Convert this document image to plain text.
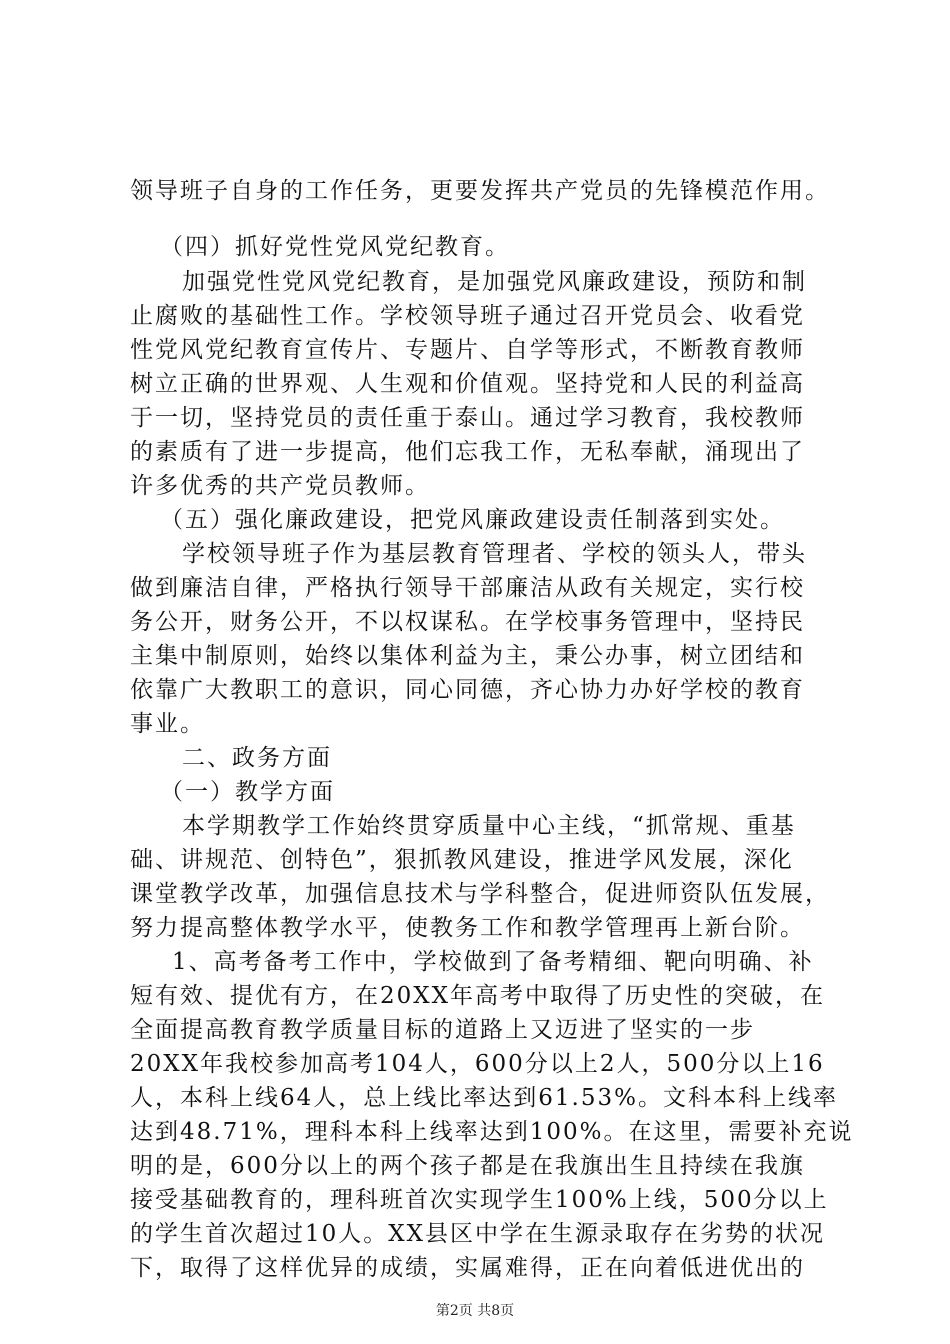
领导班子自身的工作任务，更要发挥共产党员的先锋模范作用。
（四）抓好党性党风党纪教育。
加强党性党风党纪教育，是加强党风廉政建设，预防和制
止腐败的基础性工作。学校领导班子通过召开党员会、收看党
性党风党纪教育宣传片、专题片、自学等形式，不断教育教师
树立正确的世界观、人生观和价值观。坚持党和人民的利益高
于一切，坚持党员的责任重于泰山。通过学习教育，我校教师
的素质有了进一步提高，他们忘我工作，无私奉献，涌现出了
许多优秀的共产党员教师。
（五）强化廉政建设，把党风廉政建设责任制落到实处。
学校领导班子作为基层教育管理者、学校的领头人，带头
做到廉洁自律，严格执行领导干部廉洁从政有关规定，实行校
务公开，财务公开，不以权谋私。在学校事务管理中，坚持民
主集中制原则，始终以集体利益为主，秉公办事，树立团结和
依靠广大教职工的意识，同心同德，齐心协力办好学校的教育
事业。
二、政务方面
（一）教学方面
本学期教学工作始终贯穿质量中心主线，“抓常规、重基
础、讲规范、创特色”，狠抓教风建设，推进学风发展，深化
课堂教学改革，加强信息技术与学科整合，促进师资队伍发展，
努力提高整体教学水平，使教务工作和教学管理再上新台阶。
1、高考备考工作中，学校做到了备考精细、靶向明确、补
短有效、提优有方，在20XX年高考中取得了历史性的突破，在
全面提高教育教学质量目标的道路上又迈进了坚实的一步
20XX年我校参加高考104人，600分以上2人，500分以上16
人，本科上线64人，总上线比率达到61.53%。文科本科上线率
达到48.71%，理科本科上线率达到100%。在这里，需要补充说
明的是，600分以上的两个孩子都是在我旗出生且持续在我旗
接受基础教育的，理科班首次实现学生100%上线，500分以上
的学生首次超过10人。XX县区中学在生源录取存在劣势的状况
下，取得了这样优异的成绩，实属难得，正在向着低进优出的
第2页 共8页
